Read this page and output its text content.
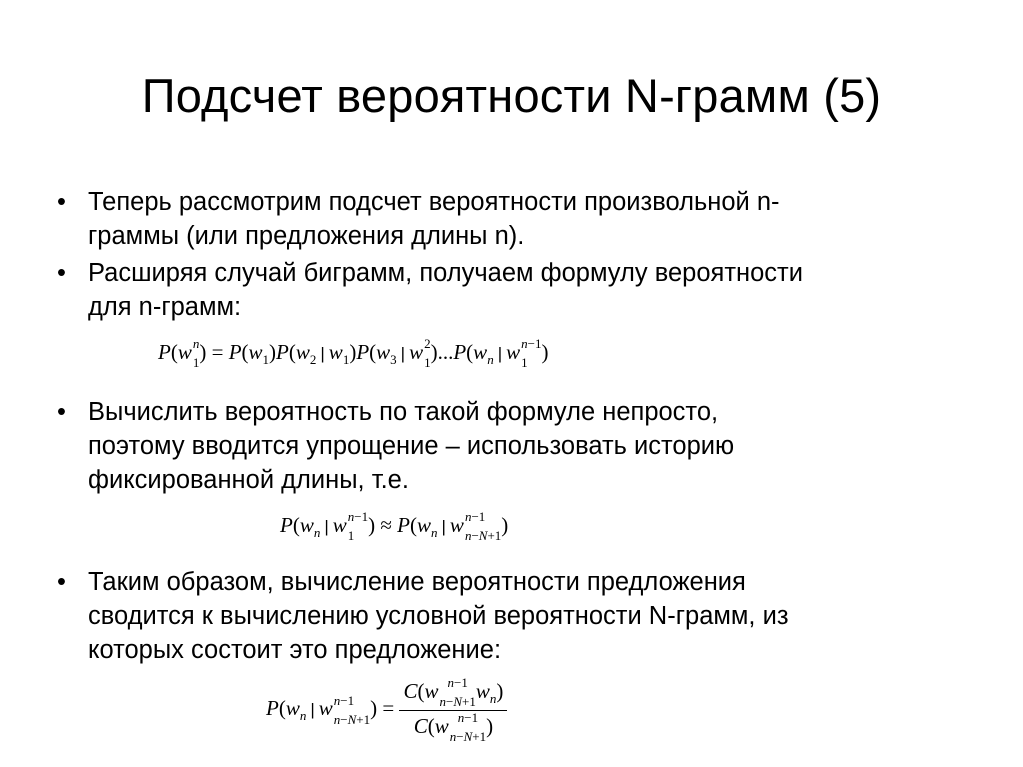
Подсчет вероятности N-грамм (5)
• Теперь рассмотрим подсчет вероятности произвольной n-
граммы (или предложения длины n).
• Расширяя случай биграмм, получаем формулу вероятности
для n-грамм:
P(w n
1 ) = $P(w_1)P(w_2$ | $w_1)P(w_3$ | w 2
1 )$...P(w_n$ | w n−1
1 )
• Вычислить вероятность по такой формуле непросто,
поэтому вводится упрощение – использовать историю
фиксированной длины, т.е.
$P(w_n$ | w n−1
1 ) ≈ $P(w_n$ | w n−1
n−N+1 )
• Таким образом, вычисление вероятности предложения
сводится к вычислению условной вероятности N-грамм, из
которых состоит это предложение:
$P(w_n$ | w n−1
n−N+1 ) = C(w n−1
n−N+1 $w_n$)
C(w n−1
n−N+1 )
